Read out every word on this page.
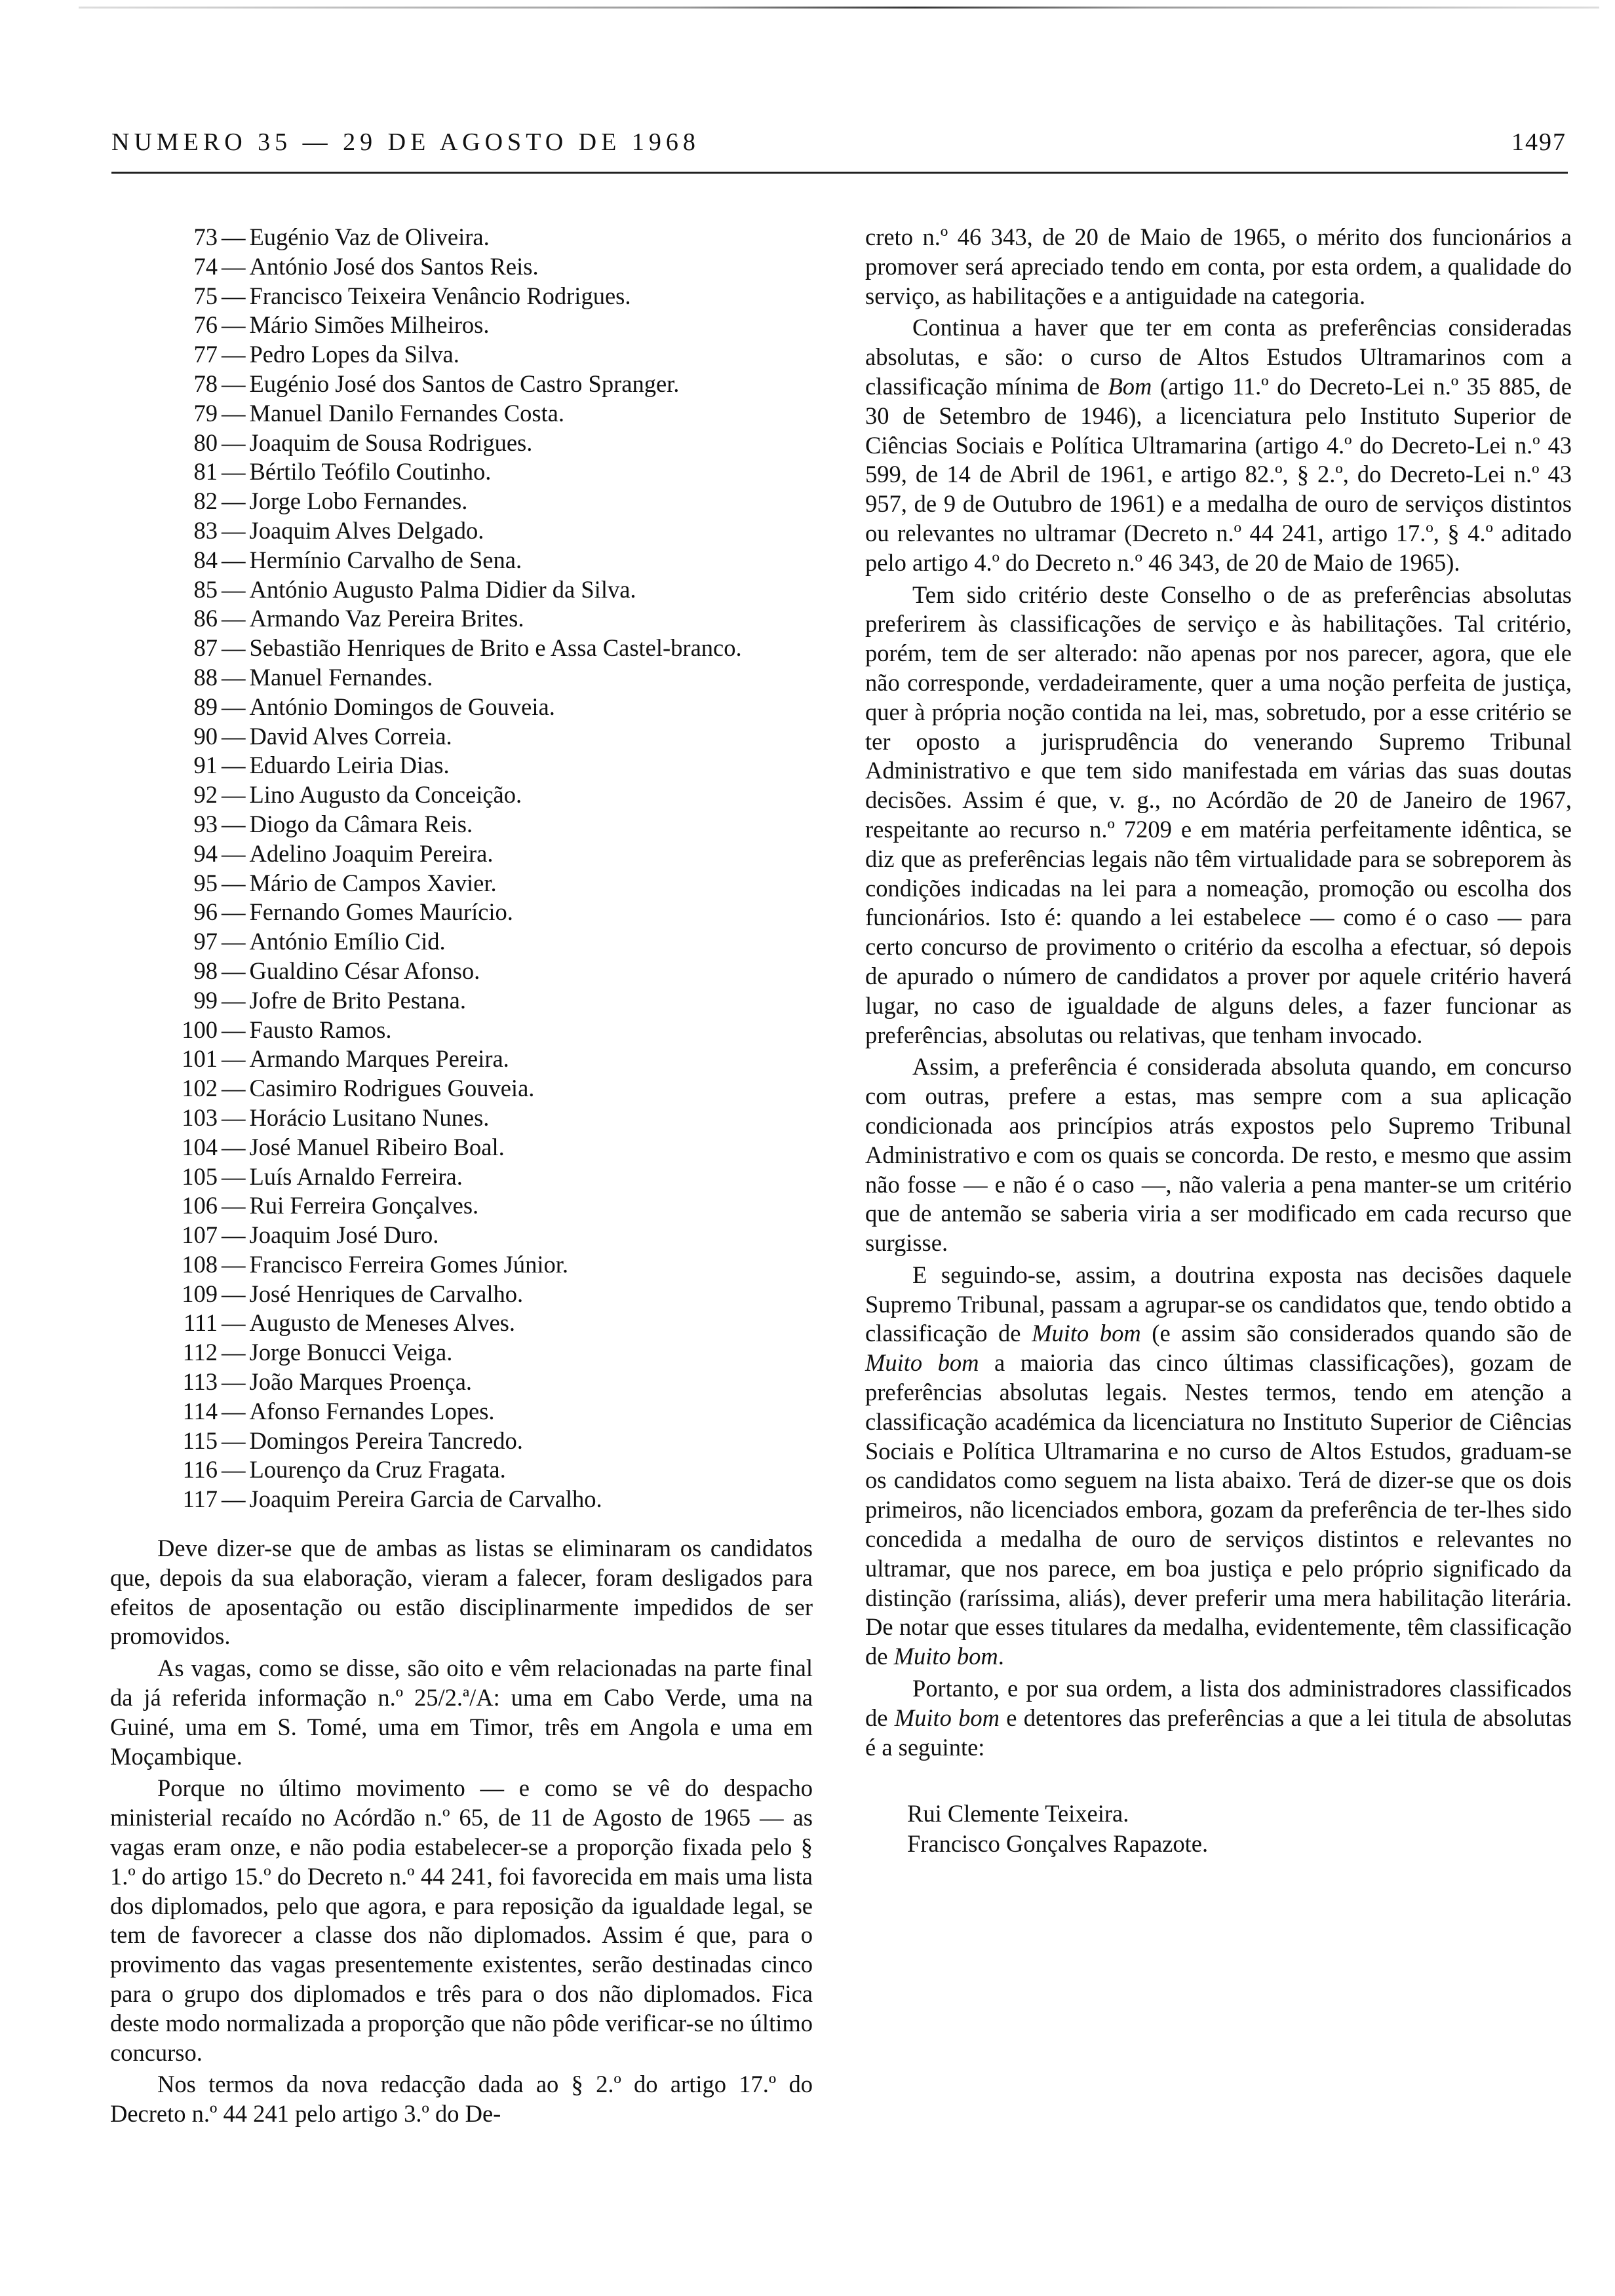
NUMERO 35 — 29 DE AGOSTO DE 1968	1497
73 — Eugénio Vaz de Oliveira.
74 — António José dos Santos Reis.
75 — Francisco Teixeira Venâncio Rodrigues.
76 — Mário Simões Milheiros.
77 — Pedro Lopes da Silva.
78 — Eugénio José dos Santos de Castro Spranger.
79 — Manuel Danilo Fernandes Costa.
80 — Joaquim de Sousa Rodrigues.
81 — Bértilo Teófilo Coutinho.
82 — Jorge Lobo Fernandes.
83 — Joaquim Alves Delgado.
84 — Hermínio Carvalho de Sena.
85 — António Augusto Palma Didier da Silva.
86 — Armando Vaz Pereira Brites.
87 — Sebastião Henriques de Brito e Assa Castel-branco.
88 — Manuel Fernandes.
89 — António Domingos de Gouveia.
90 — David Alves Correia.
91 — Eduardo Leiria Dias.
92 — Lino Augusto da Conceição.
93 — Diogo da Câmara Reis.
94 — Adelino Joaquim Pereira.
95 — Mário de Campos Xavier.
96 — Fernando Gomes Maurício.
97 — António Emílio Cid.
98 — Gualdino César Afonso.
99 — Jofre de Brito Pestana.
100 — Fausto Ramos.
101 — Armando Marques Pereira.
102 — Casimiro Rodrigues Gouveia.
103 — Horácio Lusitano Nunes.
104 — José Manuel Ribeiro Boal.
105 — Luís Arnaldo Ferreira.
106 — Rui Ferreira Gonçalves.
107 — Joaquim José Duro.
108 — Francisco Ferreira Gomes Júnior.
109 — José Henriques de Carvalho.
111 — Augusto de Meneses Alves.
112 — Jorge Bonucci Veiga.
113 — João Marques Proença.
114 — Afonso Fernandes Lopes.
115 — Domingos Pereira Tancredo.
116 — Lourenço da Cruz Fragata.
117 — Joaquim Pereira Garcia de Carvalho.

Deve dizer-se que de ambas as listas se eliminaram os candidatos que, depois da sua elaboração, vieram a falecer, foram desligados para efeitos de aposentação ou estão disciplinarmente impedidos de ser promovidos.

As vagas, como se disse, são oito e vêm relacionadas na parte final da já referida informação n.º 25/2.ª/A: uma em Cabo Verde, uma na Guiné, uma em S. Tomé, uma em Timor, três em Angola e uma em Moçambique.

Porque no último movimento — e como se vê do despacho ministerial recaído no Acórdão n.º 65, de 11 de Agosto de 1965 — as vagas eram onze, e não podia estabelecer-se a proporção fixada pelo § 1.º do artigo 15.º do Decreto n.º 44 241, foi favorecida em mais uma lista dos diplomados, pelo que agora, e para reposição da igualdade legal, se tem de favorecer a classe dos não diplomados. Assim é que, para o provimento das vagas presentemente existentes, serão destinadas cinco para o grupo dos diplomados e três para o dos não diplomados. Fica deste modo normalizada a proporção que não pôde verificar-se no último concurso.

Nos termos da nova redacção dada ao § 2.º do artigo 17.º do Decreto n.º 44 241 pelo artigo 3.º do De-

creto n.º 46 343, de 20 de Maio de 1965, o mérito dos funcionários a promover será apreciado tendo em conta, por esta ordem, a qualidade do serviço, as habilitações e a antiguidade na categoria.

Continua a haver que ter em conta as preferências consideradas absolutas, e são: o curso de Altos Estudos Ultramarinos com a classificação mínima de Bom (artigo 11.º do Decreto-Lei n.º 35 885, de 30 de Setembro de 1946), a licenciatura pelo Instituto Superior de Ciências Sociais e Política Ultramarina (artigo 4.º do Decreto-Lei n.º 43 599, de 14 de Abril de 1961, e artigo 82.º, § 2.º, do Decreto-Lei n.º 43 957, de 9 de Outubro de 1961) e a medalha de ouro de serviços distintos ou relevantes no ultramar (Decreto n.º 44 241, artigo 17.º, § 4.º aditado pelo artigo 4.º do Decreto n.º 46 343, de 20 de Maio de 1965).

Tem sido critério deste Conselho o de as preferências absolutas preferirem às classificações de serviço e às habilitações. Tal critério, porém, tem de ser alterado: não apenas por nos parecer, agora, que ele não corresponde, verdadeiramente, quer a uma noção perfeita de justiça, quer à própria noção contida na lei, mas, sobretudo, por a esse critério se ter oposto a jurisprudência do venerando Supremo Tribunal Administrativo e que tem sido manifestada em várias das suas doutas decisões. Assim é que, v. g., no Acórdão de 20 de Janeiro de 1967, respeitante ao recurso n.º 7209 e em matéria perfeitamente idêntica, se diz que as preferências legais não têm virtualidade para se sobreporem às condições indicadas na lei para a nomeação, promoção ou escolha dos funcionários. Isto é: quando a lei estabelece — como é o caso — para certo concurso de provimento o critério da escolha a efectuar, só depois de apurado o número de candidatos a prover por aquele critério haverá lugar, no caso de igualdade de alguns deles, a fazer funcionar as preferências, absolutas ou relativas, que tenham invocado.

Assim, a preferência é considerada absoluta quando, em concurso com outras, prefere a estas, mas sempre com a sua aplicação condicionada aos princípios atrás expostos pelo Supremo Tribunal Administrativo e com os quais se concorda. De resto, e mesmo que assim não fosse — e não é o caso —, não valeria a pena manter-se um critério que de antemão se saberia viria a ser modificado em cada recurso que surgisse.

E seguindo-se, assim, a doutrina exposta nas decisões daquele Supremo Tribunal, passam a agrupar-se os candidatos que, tendo obtido a classificação de Muito bom (e assim são considerados quando são de Muito bom a maioria das cinco últimas classificações), gozam de preferências absolutas legais. Nestes termos, tendo em atenção a classificação académica da licenciatura no Instituto Superior de Ciências Sociais e Política Ultramarina e no curso de Altos Estudos, graduam-se os candidatos como seguem na lista abaixo. Terá de dizer-se que os dois primeiros, não licenciados embora, gozam da preferência de ter-lhes sido concedida a medalha de ouro de serviços distintos e relevantes no ultramar, que nos parece, em boa justiça e pelo próprio significado da distinção (raríssima, aliás), dever preferir uma mera habilitação literária. De notar que esses titulares da medalha, evidentemente, têm classificação de Muito bom.

Portanto, e por sua ordem, a lista dos administradores classificados de Muito bom e detentores das preferências a que a lei titula de absolutas é a seguinte:

Rui Clemente Teixeira.
Francisco Gonçalves Rapazote.
